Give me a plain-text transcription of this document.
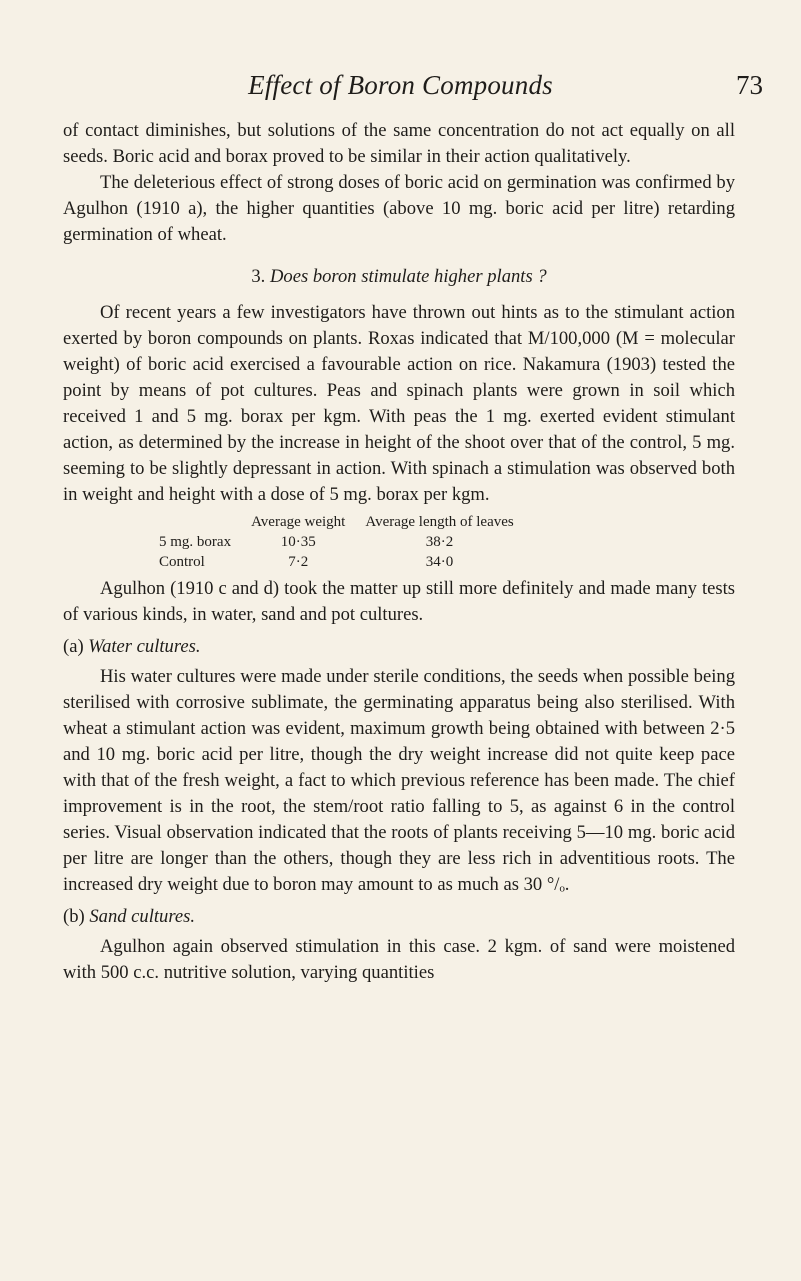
Effect of Boron Compounds	73

of contact diminishes, but solutions of the same concentration do not act equally on all seeds. Boric acid and borax proved to be similar in their action qualitatively.

The deleterious effect of strong doses of boric acid on germination was confirmed by Agulhon (1910 a), the higher quantities (above 10 mg. boric acid per litre) retarding germination of wheat.

3. Does boron stimulate higher plants ?

Of recent years a few investigators have thrown out hints as to the stimulant action exerted by boron compounds on plants. Roxas indicated that M/100,000 (M = molecular weight) of boric acid exercised a favourable action on rice. Nakamura (1903) tested the point by means of pot cultures. Peas and spinach plants were grown in soil which received 1 and 5 mg. borax per kgm. With peas the 1 mg. exerted evident stimulant action, as determined by the increase in height of the shoot over that of the control, 5 mg. seeming to be slightly depressant in action. With spinach a stimulation was observed both in weight and height with a dose of 5 mg. borax per kgm.

	Average weight	Average length of leaves
5 mg. borax	10·35	38·2
Control	7·2	34·0

Agulhon (1910 c and d) took the matter up still more definitely and made many tests of various kinds, in water, sand and pot cultures.

(a) Water cultures.

His water cultures were made under sterile conditions, the seeds when possible being sterilised with corrosive sublimate, the germinating apparatus being also sterilised. With wheat a stimulant action was evident, maximum growth being obtained with between 2·5 and 10 mg. boric acid per litre, though the dry weight increase did not quite keep pace with that of the fresh weight, a fact to which previous reference has been made. The chief improvement is in the root, the stem/root ratio falling to 5, as against 6 in the control series. Visual observation indicated that the roots of plants receiving 5—10 mg. boric acid per litre are longer than the others, though they are less rich in adventitious roots. The increased dry weight due to boron may amount to as much as 30 °/ₒ.

(b) Sand cultures.

Agulhon again observed stimulation in this case. 2 kgm. of sand were moistened with 500 c.c. nutritive solution, varying quantities
